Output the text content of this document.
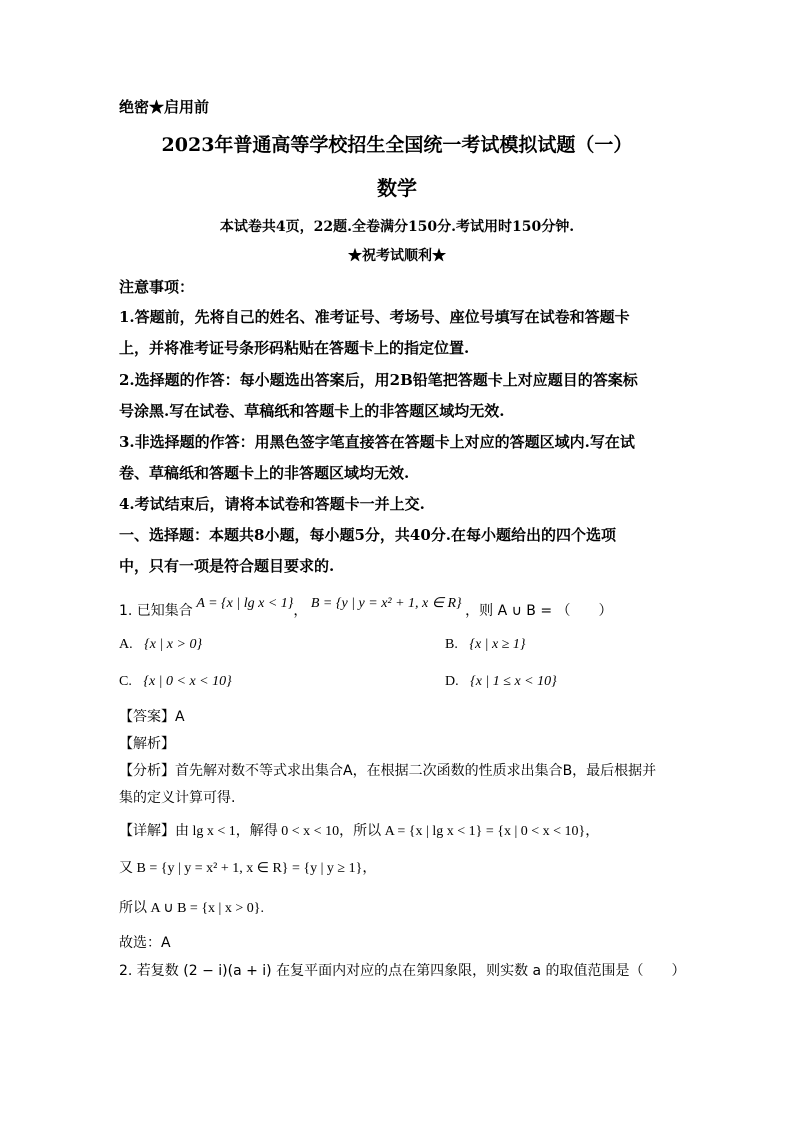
绝密★启用前
2023年普通高等学校招生全国统一考试模拟试题（一）
数学
本试卷共4页，22题.全卷满分150分.考试用时150分钟.
★祝考试顺利★
注意事项：
1.答题前，先将自己的姓名、准考证号、考场号、座位号填写在试卷和答题卡
上，并将准考证号条形码粘贴在答题卡上的指定位置.
2.选择题的作答：每小题选出答案后，用2B铅笔把答题卡上对应题目的答案标
号涂黑.写在试卷、草稿纸和答题卡上的非答题区域均无效.
3.非选择题的作答：用黑色签字笔直接答在答题卡上对应的答题区域内.写在试
卷、草稿纸和答题卡上的非答题区域均无效.
4.考试结束后，请将本试卷和答题卡一并上交.
一、选择题：本题共8小题，每小题5分，共40分.在每小题给出的四个选项
中，只有一项是符合题目要求的.
1. 已知集合 A = {x | lg x < 1}， B = {y | y = x² + 1, x ∈ R} ，则 A ∪ B = （　　）
A. {x | x > 0}	B. {x | x ≥ 1}
C. {x | 0 < x < 10}	D. {x | 1 ≤ x < 10}
【答案】A
【解析】
【分析】首先解对数不等式求出集合A，在根据二次函数的性质求出集合B，最后根据并
集的定义计算可得.
【详解】由 lg x < 1，解得 0 < x < 10，所以 A = {x | lg x < 1} = {x | 0 < x < 10}，
又 B = {y | y = x² + 1, x ∈ R} = {y | y ≥ 1}，
所以 A ∪ B = {x | x > 0}.
故选：A
2. 若复数 (2 − i)(a + i) 在复平面内对应的点在第四象限，则实数 a 的取值范围是（　　）
